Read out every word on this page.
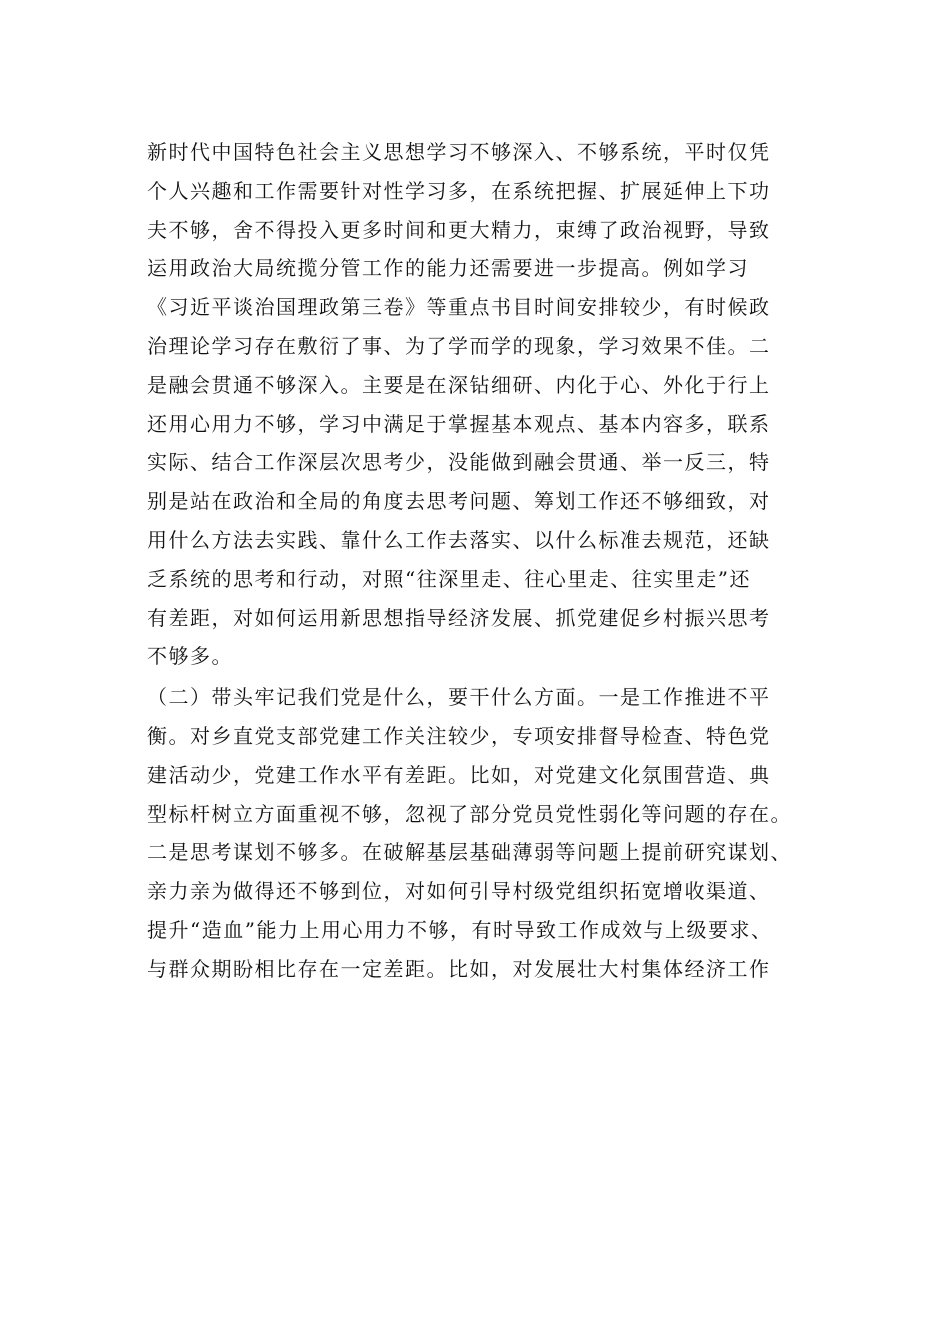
新时代中国特色社会主义思想学习不够深入、不够系统，平时仅凭
个人兴趣和工作需要针对性学习多，在系统把握、扩展延伸上下功
夫不够，舍不得投入更多时间和更大精力，束缚了政治视野，导致
运用政治大局统揽分管工作的能力还需要进一步提高。例如学习
《习近平谈治国理政第三卷》等重点书目时间安排较少，有时候政
治理论学习存在敷衍了事、为了学而学的现象，学习效果不佳。二
是融会贯通不够深入。主要是在深钻细研、内化于心、外化于行上
还用心用力不够，学习中满足于掌握基本观点、基本内容多，联系
实际、结合工作深层次思考少，没能做到融会贯通、举一反三，特
别是站在政治和全局的角度去思考问题、筹划工作还不够细致，对
用什么方法去实践、靠什么工作去落实、以什么标准去规范，还缺
乏系统的思考和行动，对照“往深里走、往心里走、往实里走”还
有差距，对如何运用新思想指导经济发展、抓党建促乡村振兴思考
不够多。
（二）带头牢记我们党是什么，要干什么方面。一是工作推进不平
衡。对乡直党支部党建工作关注较少，专项安排督导检查、特色党
建活动少，党建工作水平有差距。比如，对党建文化氛围营造、典
型标杆树立方面重视不够，忽视了部分党员党性弱化等问题的存在。
二是思考谋划不够多。在破解基层基础薄弱等问题上提前研究谋划、
亲力亲为做得还不够到位，对如何引导村级党组织拓宽增收渠道、
提升“造血”能力上用心用力不够，有时导致工作成效与上级要求、
与群众期盼相比存在一定差距。比如，对发展壮大村集体经济工作
